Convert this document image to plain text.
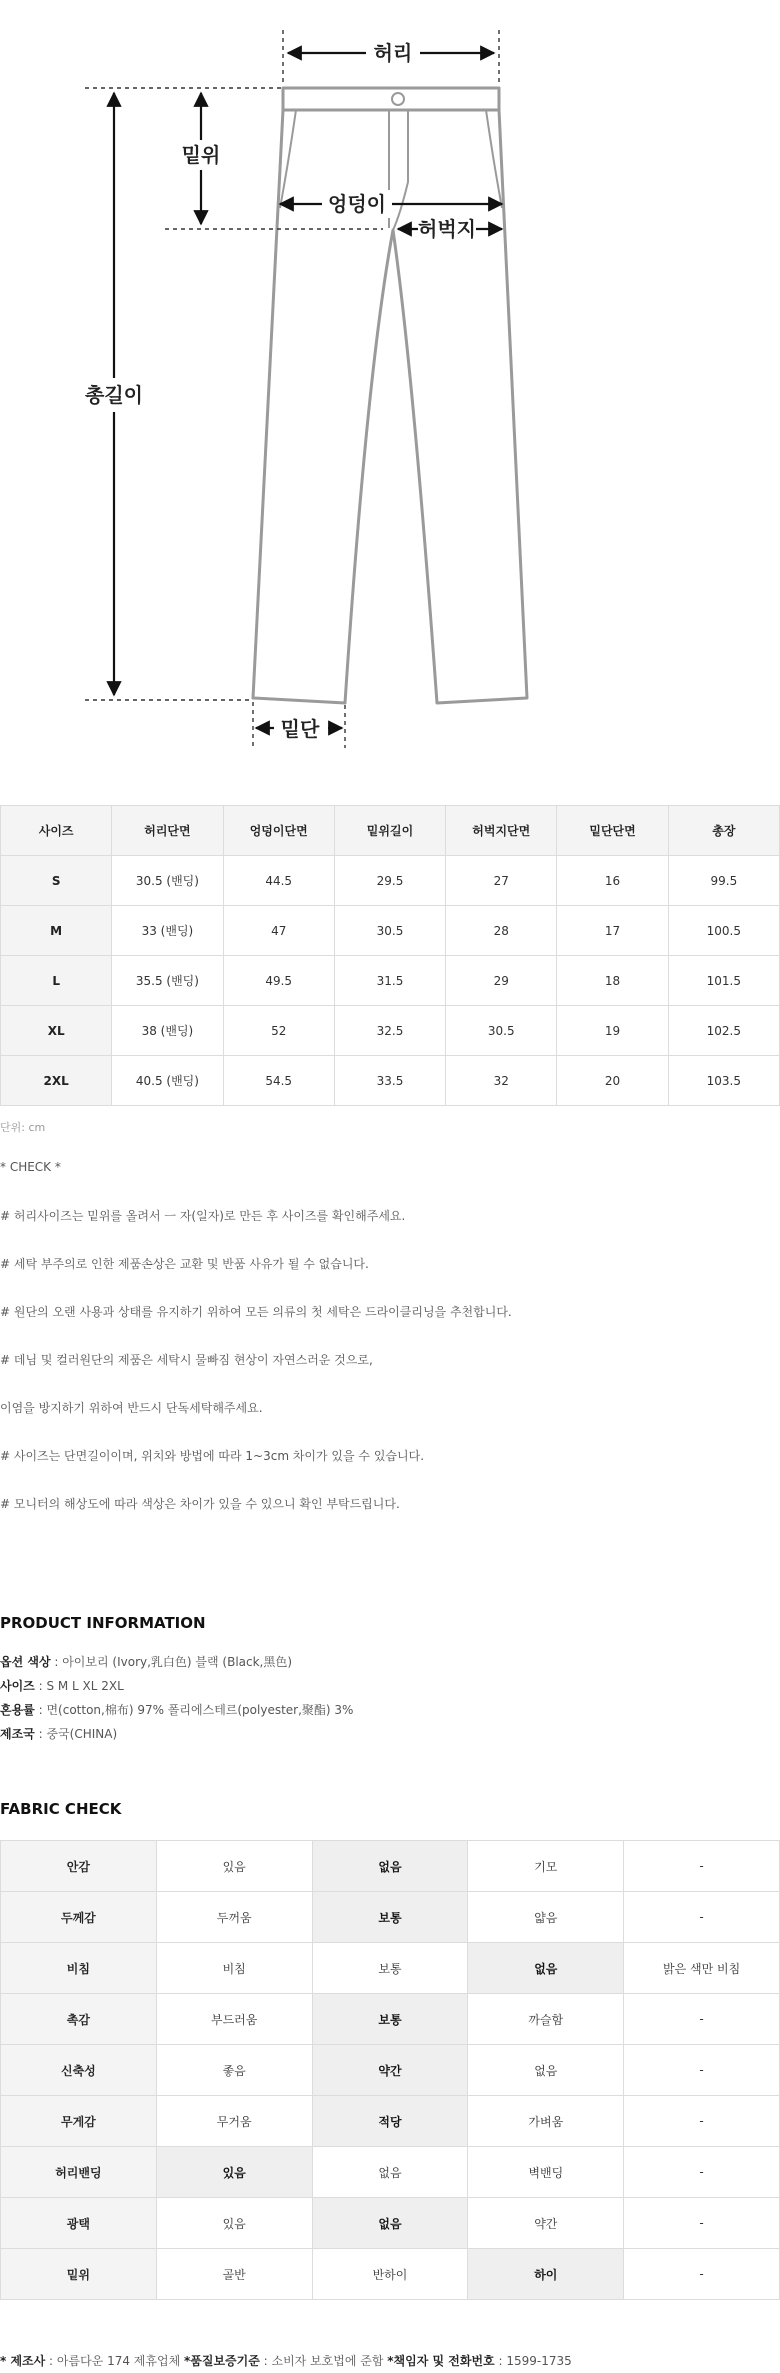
허리
밑위
총길이
엉덩이
허벅지
밑단
사이즈	허리단면	엉덩이단면	밑위길이	허벅지단면	밑단단면	총장
S	30.5 (밴딩)	44.5	29.5	27	16	99.5
M	33 (밴딩)	47	30.5	28	17	100.5
L	35.5 (밴딩)	49.5	31.5	29	18	101.5
XL	38 (밴딩)	52	32.5	30.5	19	102.5
2XL	40.5 (밴딩)	54.5	33.5	32	20	103.5
단위: cm
* CHECK *
# 허리사이즈는 밑위를 올려서 ㅡ 자(일자)로 만든 후 사이즈를 확인해주세요.
# 세탁 부주의로 인한 제품손상은 교환 및 반품 사유가 될 수 없습니다.
# 원단의 오랜 사용과 상태를 유지하기 위하여 모든 의류의 첫 세탁은 드라이클리닝을 추천합니다.
# 데님 및 컬러원단의 제품은 세탁시 물빠짐 현상이 자연스러운 것으로,
이염을 방지하기 위하여 반드시 단독세탁해주세요.
# 사이즈는 단면길이이며, 위치와 방법에 따라 1~3cm 차이가 있을 수 있습니다.
# 모니터의 해상도에 따라 색상은 차이가 있을 수 있으니 확인 부탁드립니다.
PRODUCT INFORMATION
옵션 색상 : 아이보리 (Ivory,乳白色) 블랙 (Black,黑色)
사이즈 : S M L XL 2XL
혼용률 : 면(cotton,棉布) 97% 폴리에스테르(polyester,聚酯) 3%
제조국 : 중국(CHINA)
FABRIC CHECK
안감	있음	없음	기모	-
두께감	두꺼움	보통	얇음	-
비침	비침	보통	없음	밝은 색만 비침
촉감	부드러움	보통	까슬함	-
신축성	좋음	약간	없음	-
무게감	무거움	적당	가벼움	-
허리밴딩	있음	없음	벽밴딩	-
광택	있음	없음	약간	-
밑위	골반	반하이	하이	-
* 제조사 : 아름다운 174 제휴업체 *품질보증기준 : 소비자 보호법에 준함 *책임자 및 전화번호 : 1599-1735
